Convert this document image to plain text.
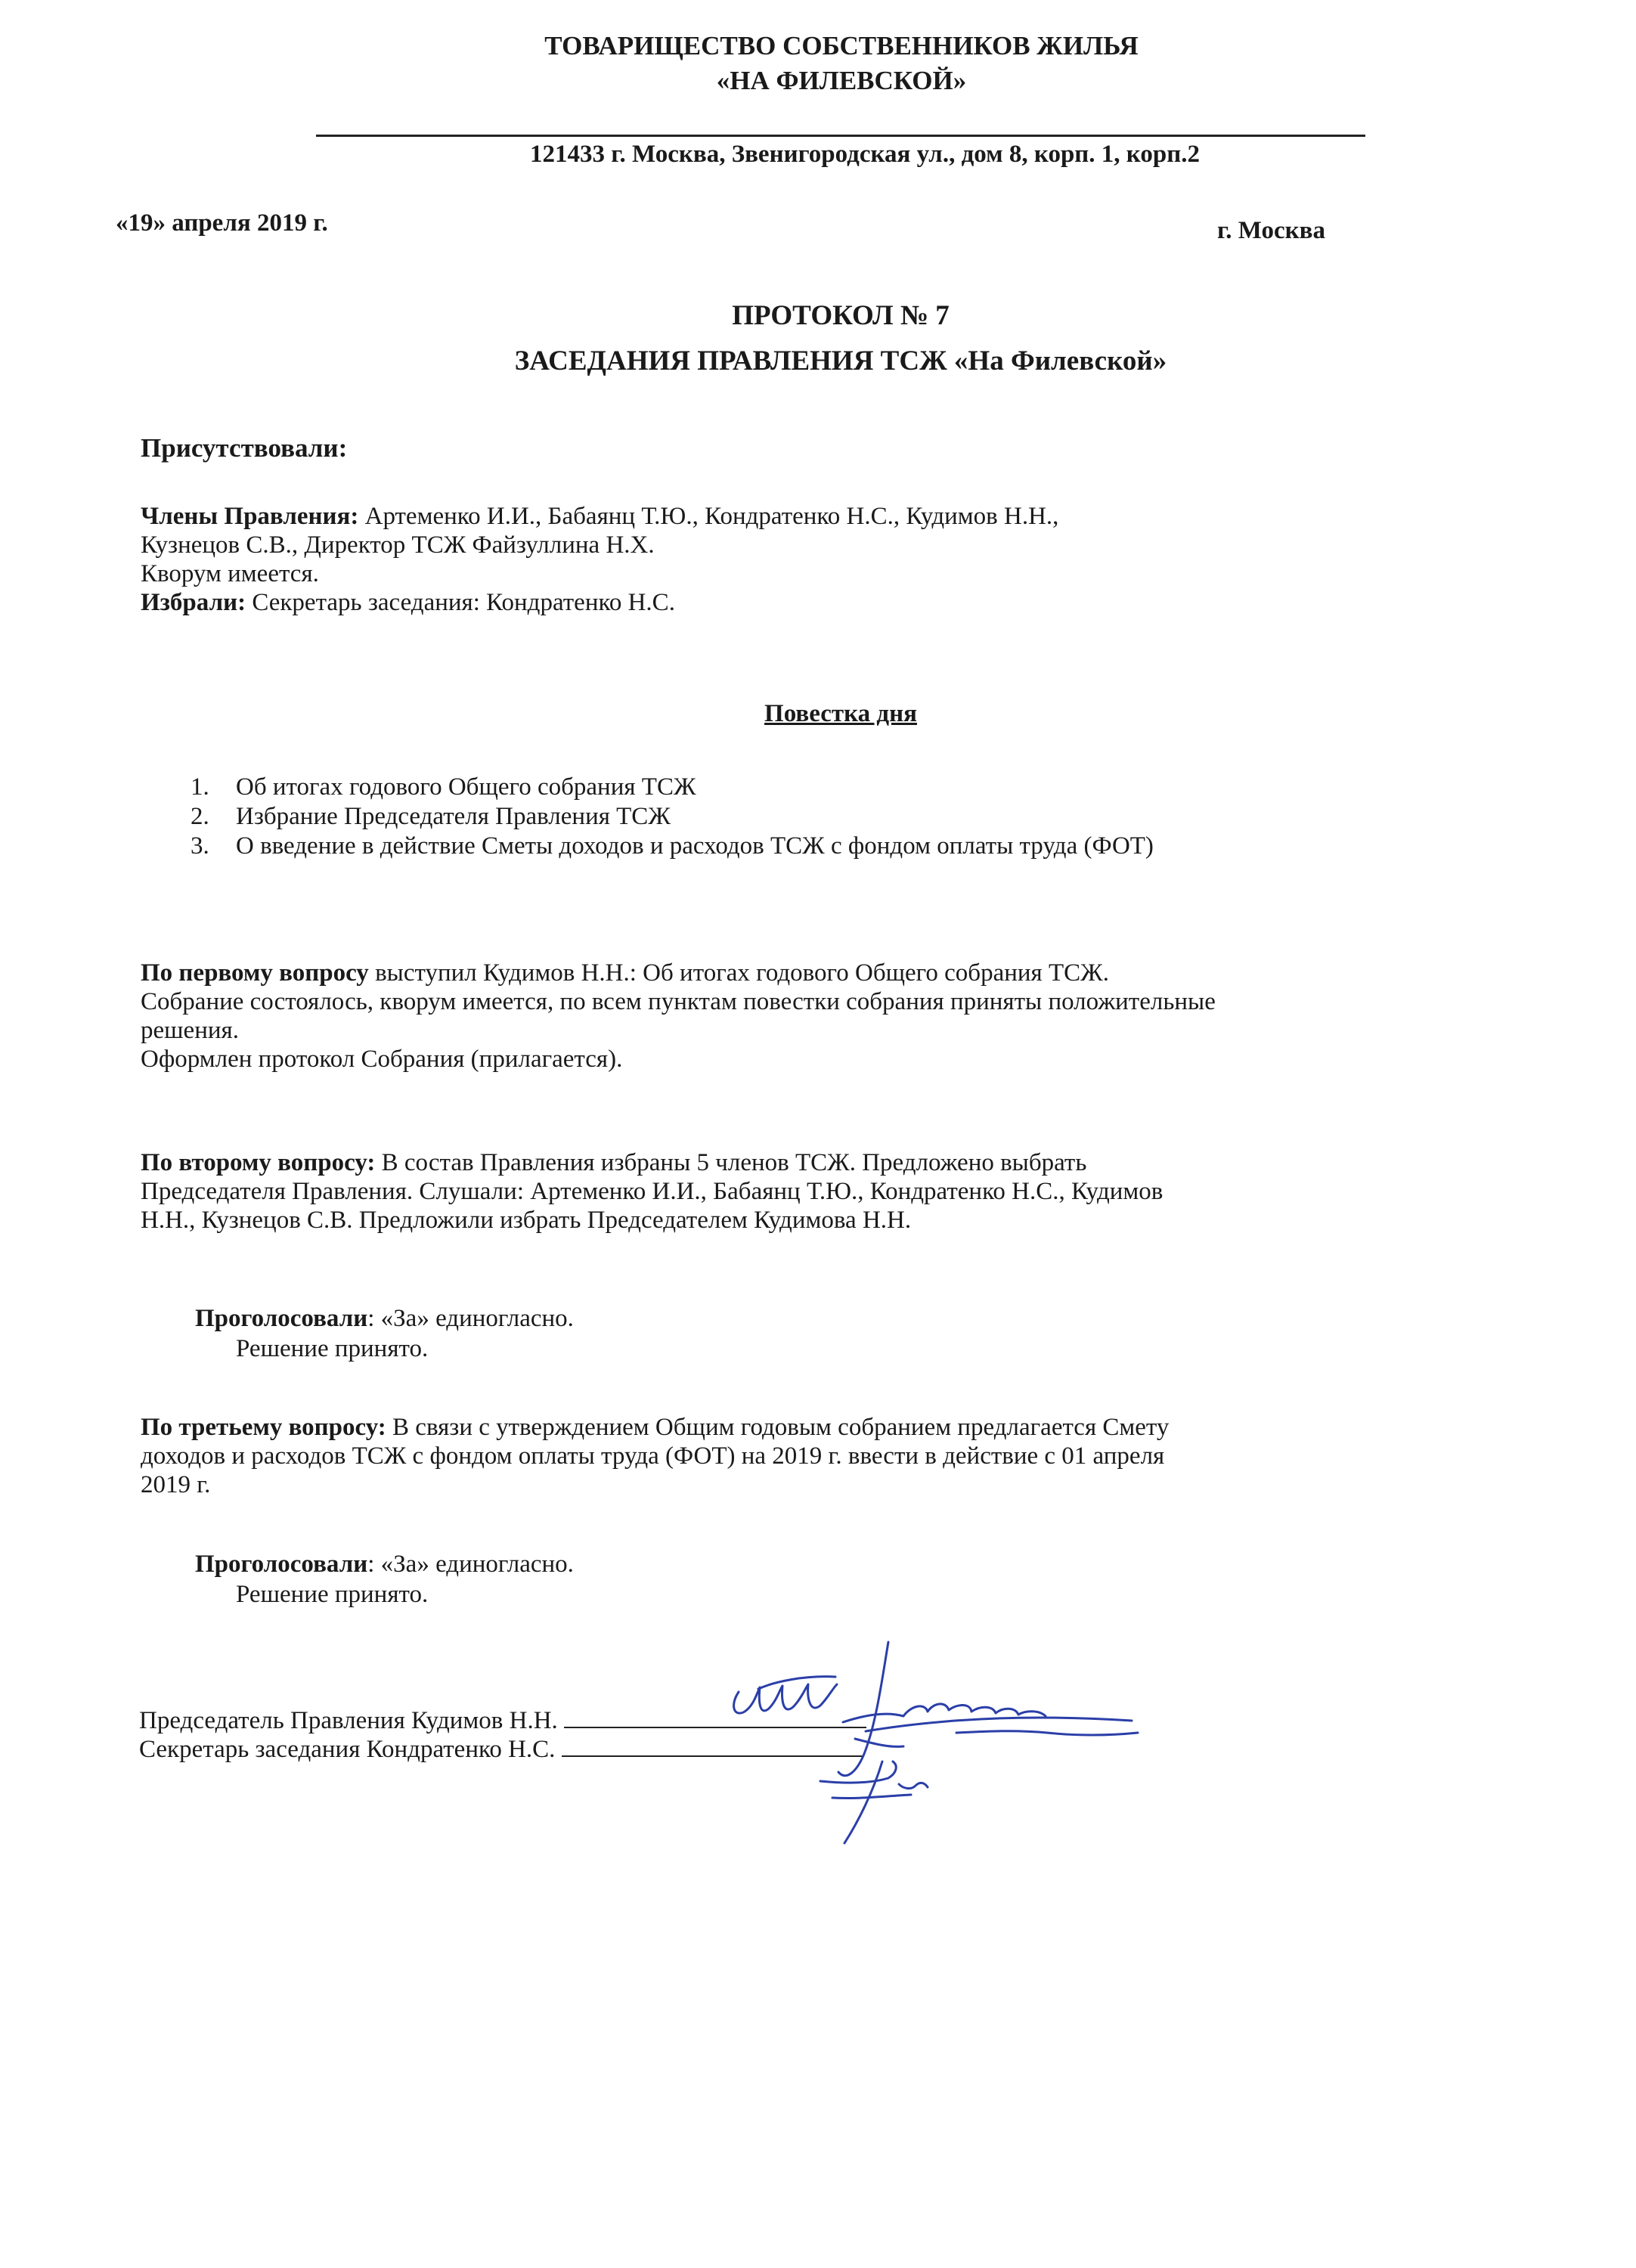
ТОВАРИЩЕСТВО СОБСТВЕННИКОВ ЖИЛЬЯ
«НА ФИЛЕВСКОЙ»
121433 г. Москва, Звенигородская ул., дом 8, корп. 1, корп.2
«19» апреля 2019 г.	г. Москва
ПРОТОКОЛ № 7
ЗАСЕДАНИЯ ПРАВЛЕНИЯ ТСЖ «На Филевской»
Присутствовали:
Члены Правления: Артеменко И.И., Бабаянц Т.Ю., Кондратенко Н.С., Кудимов Н.Н.,
Кузнецов С.В., Директор ТСЖ Файзуллина Н.Х.
Кворум имеется.
Избрали: Секретарь заседания: Кондратенко Н.С.
Повестка дня
1. Об итогах годового Общего собрания ТСЖ
2. Избрание Председателя Правления ТСЖ
3. О введение в действие Сметы доходов и расходов ТСЖ с фондом оплаты труда (ФОТ)
По первому вопросу выступил Кудимов Н.Н.: Об итогах годового Общего собрания ТСЖ.
Собрание состоялось, кворум имеется, по всем пунктам повестки собрания приняты положительные
решения.
Оформлен протокол Собрания (прилагается).
По второму вопросу: В состав Правления избраны 5 членов ТСЖ. Предложено выбрать
Председателя Правления. Слушали: Артеменко И.И., Бабаянц Т.Ю., Кондратенко Н.С., Кудимов
Н.Н., Кузнецов С.В. Предложили избрать Председателем Кудимова Н.Н.
Проголосовали: «За» единогласно.
Решение принято.
По третьему вопросу: В связи с утверждением Общим годовым собранием предлагается Смету
доходов и расходов ТСЖ с фондом оплаты труда (ФОТ) на 2019 г. ввести в действие с 01 апреля
2019 г.
Проголосовали: «За» единогласно.
Решение принято.
Председатель Правления Кудимов Н.Н.
Секретарь заседания Кондратенко Н.С.
